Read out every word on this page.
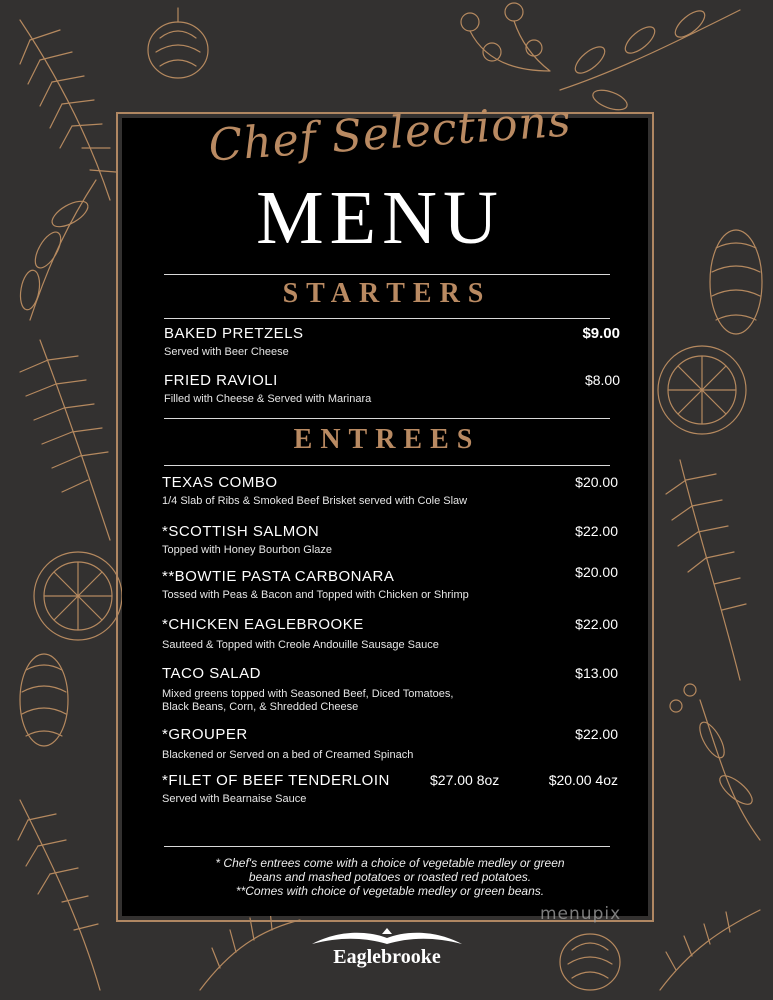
Chef Selections
MENU
STARTERS
BAKED PRETZELS
Served with Beer Cheese
$9.00
FRIED RAVIOLI
Filled with Cheese & Served with Marinara
$8.00
ENTREES
TEXAS COMBO
1/4 Slab of Ribs & Smoked Beef Brisket served with Cole Slaw
$20.00
*SCOTTISH SALMON
Topped with Honey Bourbon Glaze
$22.00
**BOWTIE PASTA CARBONARA
Tossed with Peas & Bacon and Topped with Chicken or Shrimp
$20.00
*CHICKEN EAGLEBROOKE
Sauteed & Topped with Creole Andouille Sausage Sauce
$22.00
TACO SALAD
Mixed greens topped with Seasoned Beef, Diced Tomatoes,
Black Beans, Corn, & Shredded Cheese
$13.00
*GROUPER
Blackened or Served on a bed of Creamed Spinach
$22.00
*FILET OF BEEF TENDERLOIN
Served with Bearnaise Sauce
$27.00 8oz	$20.00 4oz
* Chef's entrees come with a choice of vegetable medley or green
beans and mashed potatoes or roasted red potatoes.
**Comes with choice of vegetable medley or green beans.
Eaglebrooke
menupix
